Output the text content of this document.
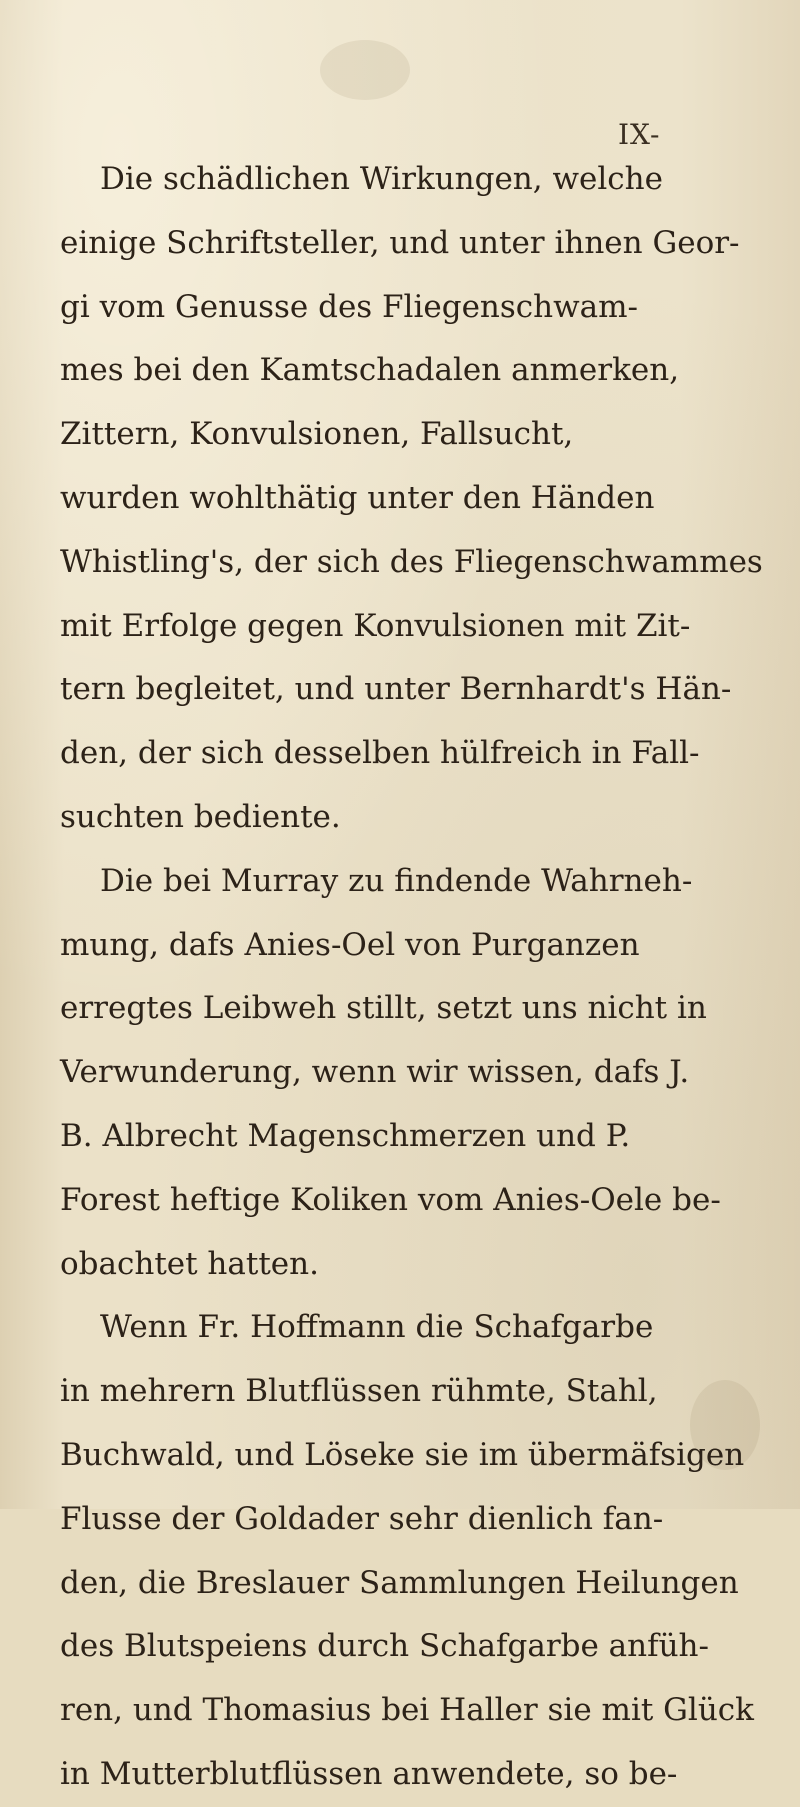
IX-
Die schädlichen Wirkungen, welche
einige Schriftsteller, und unter ihnen Geor-
gi vom Genusse des Fliegenschwam-
mes bei den Kamtschadalen anmerken,
Zittern, Konvulsionen, Fallsucht,
wurden wohlthätig unter den Händen
Whistling's, der sich des Fliegenschwammes
mit Erfolge gegen Konvulsionen mit Zit-
tern begleitet, und unter Bernhardt's Hän-
den, der sich desselben hülfreich in Fall-
suchten bediente.
Die bei Murray zu findende Wahrneh-
mung, dafs Anies-Oel von Purganzen
erregtes Leibweh stillt, setzt uns nicht in
Verwunderung, wenn wir wissen, dafs J.
B. Albrecht Magenschmerzen und P.
Forest heftige Koliken vom Anies-Oele be-
obachtet hatten.
Wenn Fr. Hoffmann die Schafgarbe
in mehrern Blutflüssen rühmte, Stahl,
Buchwald, und Löseke sie im übermäfsigen
Flusse der Goldader sehr dienlich fan-
den, die Breslauer Sammlungen Heilungen
des Blutspeiens durch Schafgarbe anfüh-
ren, und Thomasius bei Haller sie mit Glück
in Mutterblutflüssen anwendete, so be-
